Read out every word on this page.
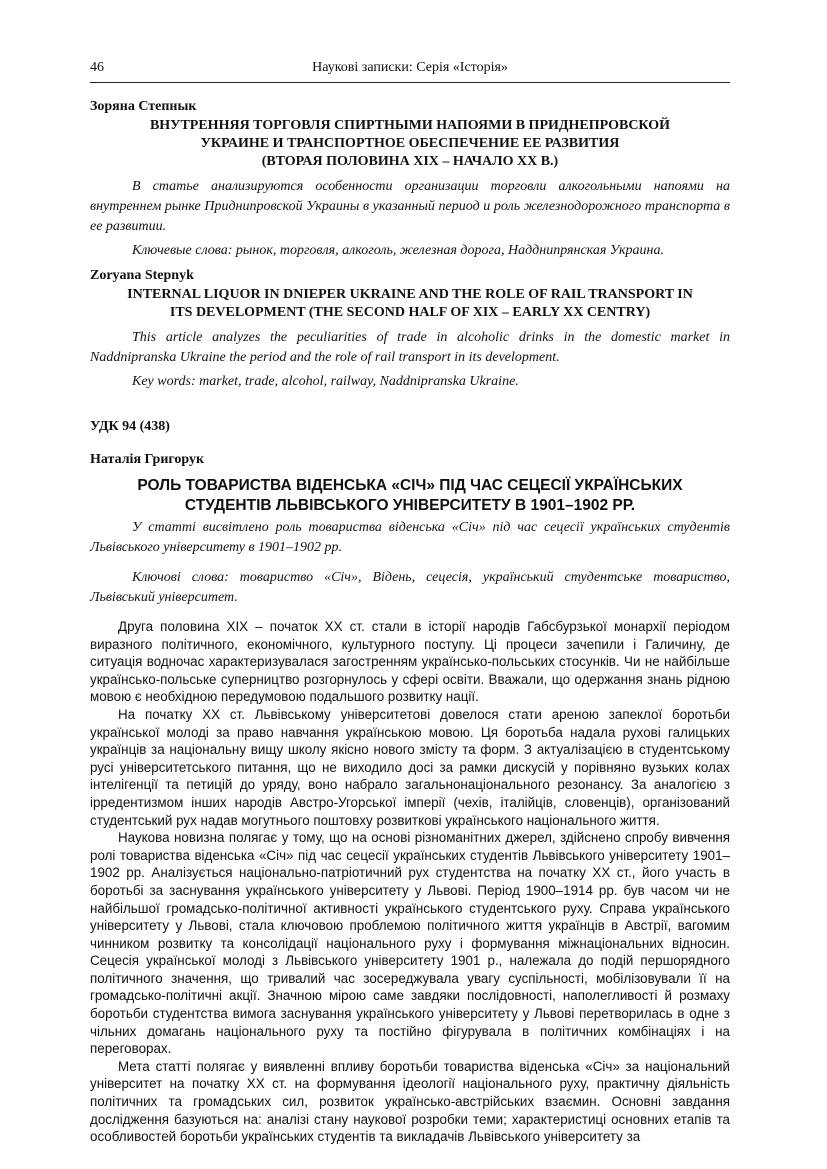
46	Наукові записки: Серія «Історія»

Зоряна Степнык

ВНУТРЕННЯЯ ТОРГОВЛЯ СПИРТНЫМИ НАПОЯМИ В ПРИДНЕПРОВСКОЙ
УКРАИНЕ И ТРАНСПОРТНОЕ ОБЕСПЕЧЕНИЕ ЕЕ РАЗВИТИЯ
(ВТОРАЯ ПОЛОВИНА XIX – НАЧАЛО XX В.)

В статье анализируются особенности организации торговли алкогольными напоями на внутреннем рынке Приднипровской Украины в указанный период и роль железнодорожного транспорта в ее развитии.

Ключевые слова: рынок, торговля, алкоголь, железная дорога, Надднипрянская Украина.

Zoryana Stepnyk

INTERNAL LIQUOR IN DNIEPER UKRAINE AND THE ROLE OF RAIL TRANSPORT IN
ITS DEVELOPMENT (THE SECOND HALF OF XIX – EARLY XX CENTRY)

This article analyzes the peculiarities of trade in alcoholic drinks in the domestic market in Naddnipranska Ukraine the period and the role of rail transport in its development.

Key words: market, trade, alcohol, railway, Naddnipranska Ukraine.

УДК 94 (438)

Наталія Григорук

РОЛЬ ТОВАРИСТВА ВІДЕНСЬКА «СІЧ» ПІД ЧАС СЕЦЕСІЇ УКРАЇНСЬКИХ
СТУДЕНТІВ ЛЬВІВСЬКОГО УНІВЕРСИТЕТУ В 1901–1902 РР.

У статті висвітлено роль товариства віденська «Січ» під час сецесії українських студентів Львівського університету в 1901–1902 рр.

Ключові слова: товариство «Січ», Відень, сецесія, український студентське товариство, Львівський університет.

Друга половина ХІХ – початок ХХ ст. стали в історії народів Габсбурзької монархії періодом виразного політичного, економічного, культурного поступу. Ці процеси зачепили і Галичину, де ситуація водночас характеризувалася загостренням українсько-польських стосунків. Чи не найбільше українсько-польське суперництво розгорнулось у сфері освіти. Вважали, що одержання знань рідною мовою є необхідною передумовою подальшого розвитку нації.

На початку ХХ ст. Львівському університетові довелося стати ареною запеклої боротьби української молоді за право навчання українською мовою. Ця боротьба надала рухові галицьких українців за національну вищу школу якісно нового змісту та форм. З актуалізацією в студентському русі університетського питання, що не виходило досі за рамки дискусій у порівняно вузьких колах інтелігенції та петицій до уряду, воно набрало загальнонаціонального резонансу. За аналогією з ірредентизмом інших народів Австро-Угорської імперії (чехів, італійців, словенців), організований студентський рух надав могутнього поштовху розвиткові українського національного життя.

Наукова новизна полягає у тому, що на основі різноманітних джерел, здійснено спробу вивчення ролі товариства віденська «Січ» під час сецесії українських студентів Львівського університету 1901–1902 рр. Аналізується національно-патріотичний рух студентства на початку ХХ ст., його участь в боротьбі за заснування українського університету у Львові. Період 1900–1914 рр. був часом чи не найбільшої громадсько-політичної активності українського студентського руху. Справа українського університету у Львові, стала ключовою проблемою політичного життя українців в Австрії, вагомим чинником розвитку та консолідації національного руху і формування міжнаціональних відносин. Сецесія української молоді з Львівського університету 1901 р., належала до подій першорядного політичного значення, що тривалий час зосереджувала увагу суспільності, мобілізовували її на громадсько-політичні акції. Значною мірою саме завдяки послідовності, наполегливості й розмаху боротьби студентства вимога заснування українського університету у Львові перетворилась в одне з чільних домагань національного руху та постійно фігурувала в політичних комбінаціях і на переговорах.

Мета статті полягає у виявленні впливу боротьби товариства віденська «Січ» за національний університет на початку ХХ ст. на формування ідеології національного руху, практичну діяльність політичних та громадських сил, розвиток українсько-австрійських взаємин. Основні завдання дослідження базуються на: аналізі стану наукової розробки теми; характеристиці основних етапів та особливостей боротьби українських студентів та викладачів Львівського університету за
